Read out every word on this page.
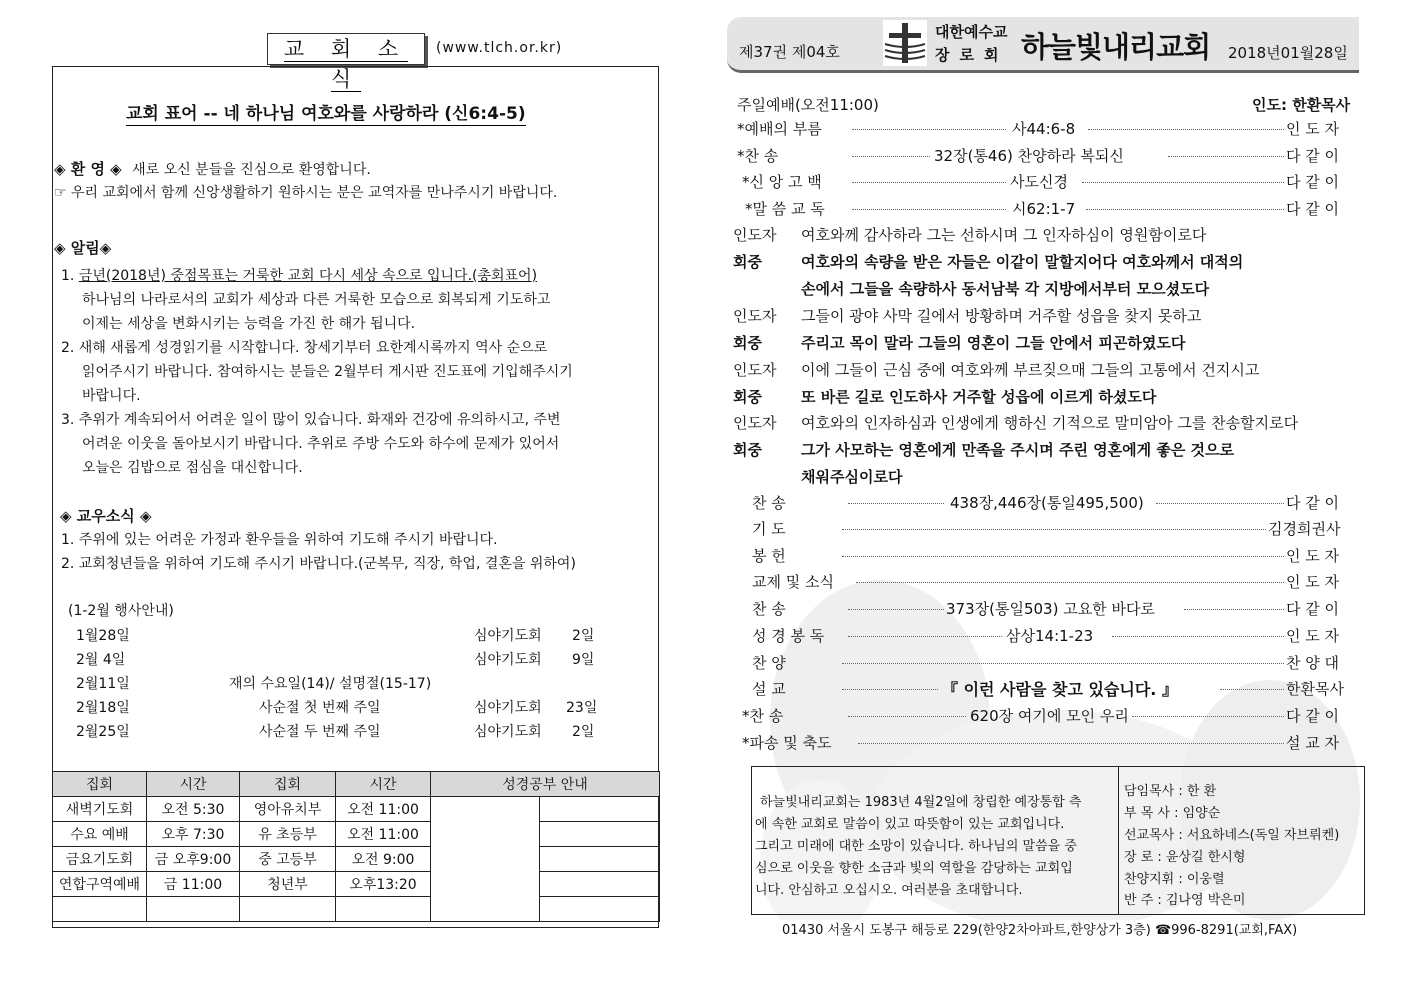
교 회 소 식
(www.tlch.or.kr)
교회 표어 -- 네 하나님 여호와를 사랑하라 (신6:4-5)
◈ 환 영 ◈ 새로 오신 분들을 진심으로 환영합니다.
☞ 우리 교회에서 함께 신앙생활하기 원하시는 분은 교역자를 만나주시기 바랍니다.
◈ 알림◈
1. 금년(2018년) 중점목표는 거룩한 교회 다시 세상 속으로 입니다.(총회표어)
하나님의 나라로서의 교회가 세상과 다른 거룩한 모습으로 회복되게 기도하고
이제는 세상을 변화시키는 능력을 가진 한 해가 됩니다.
2. 새해 새롭게 성경읽기를 시작합니다. 창세기부터 요한계시록까지 역사 순으로
읽어주시기 바랍니다. 참여하시는 분들은 2월부터 게시판 진도표에 기입해주시기
바랍니다.
3. 추위가 계속되어서 어려운 일이 많이 있습니다. 화재와 건강에 유의하시고, 주변
어려운 이웃을 돌아보시기 바랍니다. 추위로 주방 수도와 하수에 문제가 있어서
오늘은 김밥으로 점심을 대신합니다.
◈ 교우소식 ◈
1. 주위에 있는 어려운 가정과 환우들을 위하여 기도해 주시기 바랍니다.
2. 교회청년들을 위하여 기도해 주시기 바랍니다.(군복무, 직장, 학업, 결혼을 위하여)
(1-2월 행사안내)
1월28일	심야기도회 2일
2월 4일	심야기도회 9일
2월11일	재의 수요일(14)/ 설명절(15-17)
2월18일	사순절 첫 번째 주일	심야기도회 23일
2월25일	사순절 두 번째 주일	심야기도회 2일
집회	시간	집회	시간	성경공부 안내	
새벽기도회	오전 5:30	영아유치부	오전 11:00		
수요 예배	오후 7:30	유 초등부	오전 11:00		
금요기도회	금 오후9:00	중 고등부	오전 9:00		
연합구역예배	금 11:00	청년부	오후13:20		

제37권 제04호
대한예수교
장로회 하늘빛내리교회 2018년01월28일
주일예배(오전11:00)	인도: 한환목사
*예배의 부름	사44:6-8	인 도 자
*찬 송	32장(통46) 찬양하라 복되신	다 같 이
*신 앙 고 백	사도신경	다 같 이
*말 씀 교 독	시62:1-7	다 같 이
인도자 여호와께 감사하라 그는 선하시며 그 인자하심이 영원함이로다
회중	여호와의 속량을 받은 자들은 이같이 말할지어다 여호와께서 대적의
손에서 그들을 속량하사 동서남북 각 지방에서부터 모으셨도다
인도자 그들이 광야 사막 길에서 방황하며 거주할 성읍을 찾지 못하고
회중	주리고 목이 말라 그들의 영혼이 그들 안에서 피곤하였도다
인도자 이에 그들이 근심 중에 여호와께 부르짖으매 그들의 고통에서 건지시고
회중	또 바른 길로 인도하사 거주할 성읍에 이르게 하셨도다
인도자 여호와의 인자하심과 인생에게 행하신 기적으로 말미암아 그를 찬송할지로다
회중	그가 사모하는 영혼에게 만족을 주시며 주린 영혼에게 좋은 것으로
채워주심이로다
찬 송	438장,446장(통일495,500)	다 같 이
기 도	김경희권사
봉 헌	인 도 자
교제 및 소식	인 도 자
찬 송	373장(통일503) 고요한 바다로	다 같 이
성 경 봉 독	삼상14:1-23	인 도 자
찬 양	찬 양 대
설 교	『 이런 사람을 찾고 있습니다. 』	한환목사
*찬 송	620장 여기에 모인 우리	다 같 이
*파송 및 축도	설 교 자
하늘빛내리교회는 1983년 4월2일에 창립한 예장통합 측
에 속한 교회로 말씀이 있고 따뜻함이 있는 교회입니다.
그리고 미래에 대한 소망이 있습니다. 하나님의 말씀을 중
심으로 이웃을 향한 소금과 빛의 역할을 감당하는 교회입
니다. 안심하고 오십시오. 여러분을 초대합니다.
담임목사 : 한 환
부 목 사 : 임양순
선교목사 : 서요하네스(독일 자브뤼켄)
장 로 : 윤상길 한시형
찬양지휘 : 이웅렬
반 주 : 김나영 박은미
01430 서울시 도봉구 해등로 229(한양2차아파트,한양상가 3층) ☎996-8291(교회,FAX)
